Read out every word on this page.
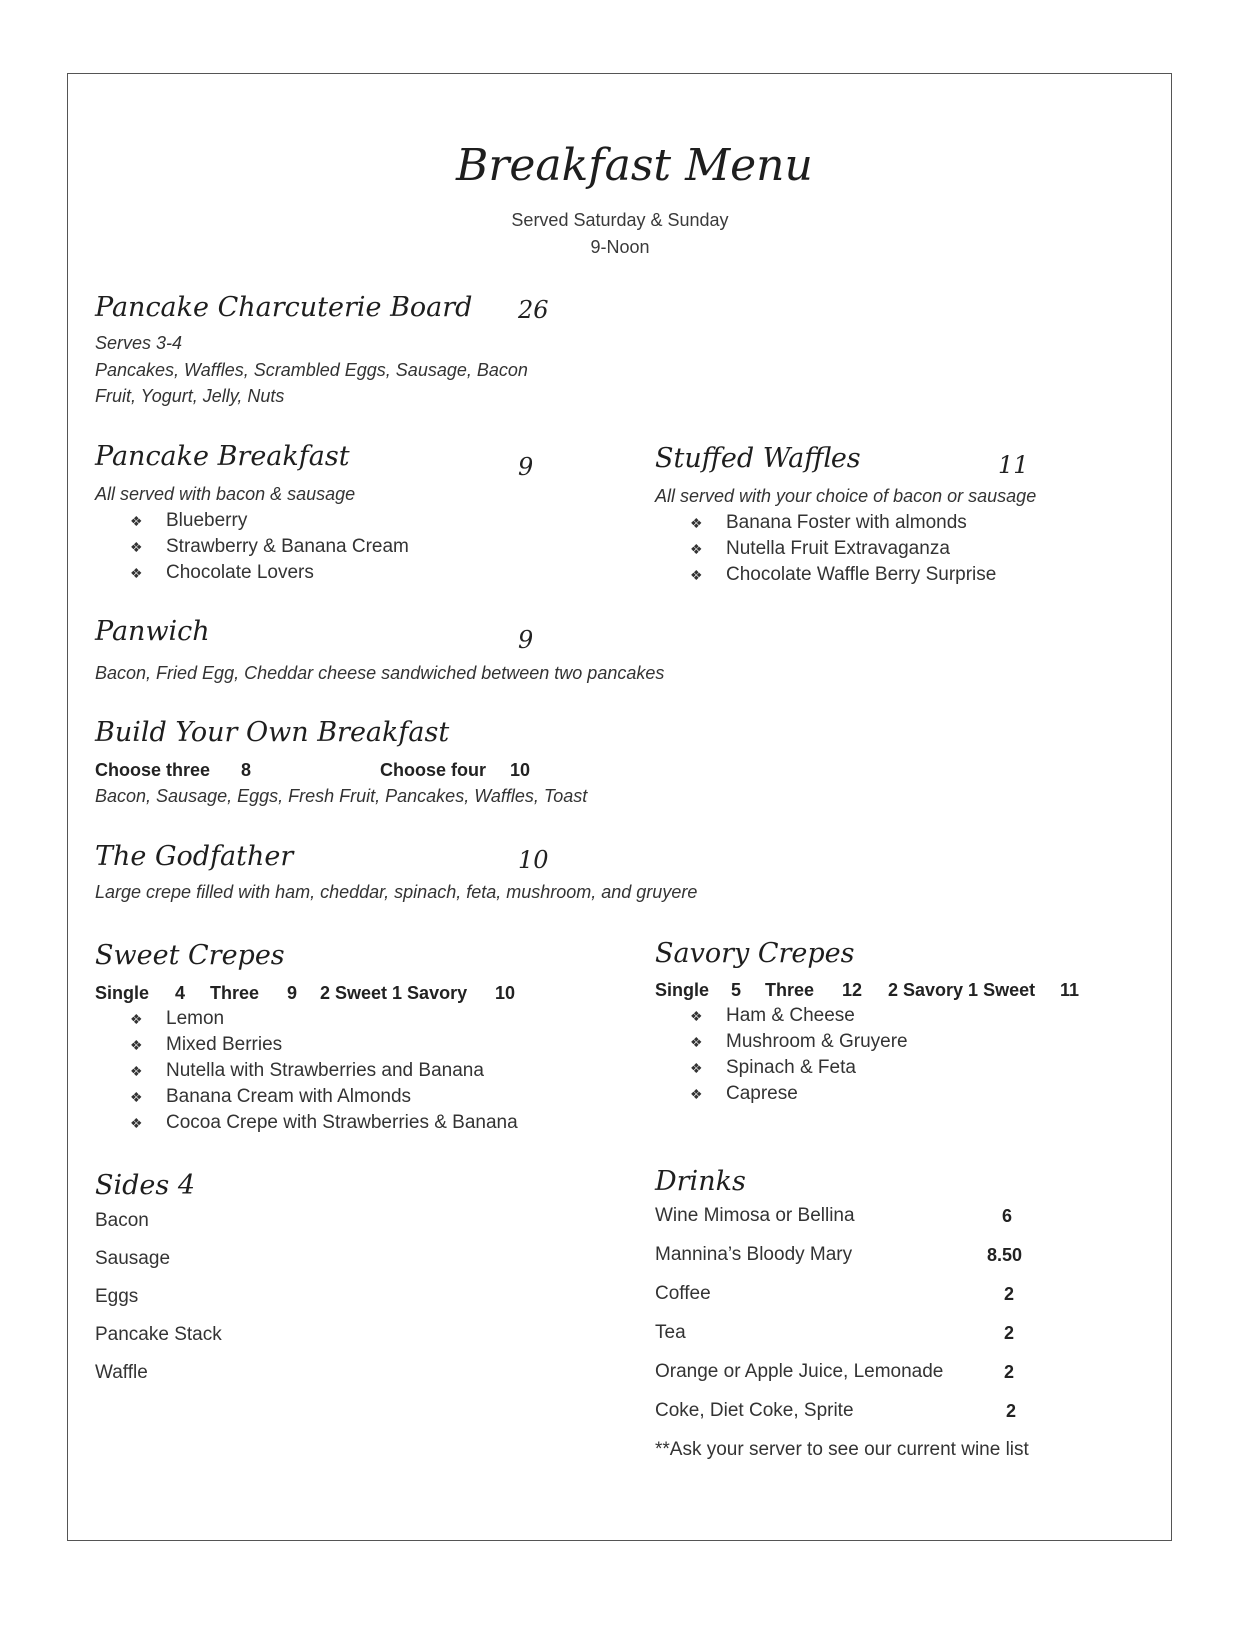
Breakfast Menu
Served Saturday & Sunday
9-Noon
Pancake Charcuterie Board 26
Serves 3-4
Pancakes, Waffles, Scrambled Eggs, Sausage, Bacon
Fruit, Yogurt, Jelly, Nuts
Pancake Breakfast	9
All served with bacon & sausage
❖ Blueberry
❖ Strawberry & Banana Cream
❖ Chocolate Lovers
Stuffed Waffles	11
All served with your choice of bacon or sausage
❖ Banana Foster with almonds
❖ Nutella Fruit Extravaganza
❖ Chocolate Waffle Berry Surprise
Panwich	9
Bacon, Fried Egg, Cheddar cheese sandwiched between two pancakes
Build Your Own Breakfast
Choose three 8	Choose four 10
Bacon, Sausage, Eggs, Fresh Fruit, Pancakes, Waffles, Toast
The Godfather	10
Large crepe filled with ham, cheddar, spinach, feta, mushroom, and gruyere
Sweet Crepes
Single 4 Three 9 2 Sweet 1 Savory 10
❖ Lemon
❖ Mixed Berries
❖ Nutella with Strawberries and Banana
❖ Banana Cream with Almonds
❖ Cocoa Crepe with Strawberries & Banana
Savory Crepes
Single 5 Three 12 2 Savory 1 Sweet 11
❖ Ham & Cheese
❖ Mushroom & Gruyere
❖ Spinach & Feta
❖ Caprese
Sides 4
Bacon
Sausage
Eggs
Pancake Stack
Waffle
Drinks
Wine Mimosa or Bellina	6
Mannina’s Bloody Mary	8.50
Coffee	2
Tea	2
Orange or Apple Juice, Lemonade	2
Coke, Diet Coke, Sprite	2
**Ask your server to see our current wine list
